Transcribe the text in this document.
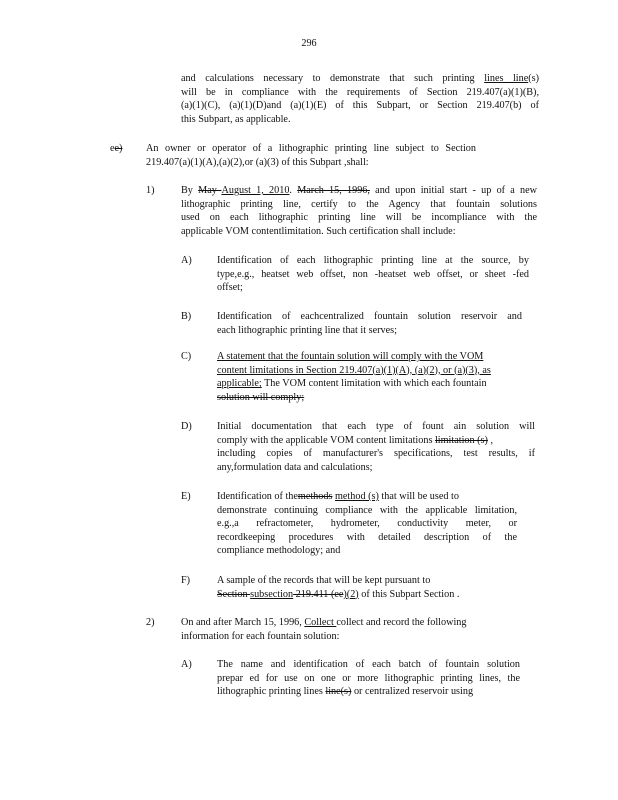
296
and calculations necessary to demonstrate that such printing lines line(s)
will be in compliance with the requirements of Section 219.407(a)(1)(B),
(a)(1)(C), (a)(1)(D)and (a)(1)(E) of this Subpart, or Section 219.407(b) of
this Subpart, as applicable.
ee) An owner or operator of a lithographic printing line subject to Section
219.407(a)(1)(A),(a)(2),or (a)(3) of this Subpart ,shall:
1)	By May August 1, 2010. March 15, 1996, and upon initial start - up of a new
lithographic printing line, certify to the Agency that fountain solutions
used on each lithographic printing line will be incompliance with the
applicable VOM contentlimitation. Such certification shall include:
A) Identification of each lithographic printing line at the source, by
type,e.g., heatset web offset, non -heatset web offset, or sheet -fed
offset;
B)	Identification of eachcentralized fountain solution reservoir and
each lithographic printing line that it serves;
C)	A statement that the fountain solution will comply with the VOM
content limitations in Section 219.407(a)(1)(A), (a)(2), or (a)(3), as
applicable; The VOM content limitation with which each fountain
solution will comply;
D) Initial documentation that each type of fount ain solution will
comply with the applicable VOM content limitations limitation (s) ,
including copies of manufacturer's specifications, test results, if
any,formulation data and calculations;
E)	Identification of themethods method (s) that will be used to
demonstrate continuing compliance with the applicable limitation,
e.g.,a refractometer, hydrometer, conductivity meter, or
recordkeeping procedures with detailed description of the
compliance methodology; and
F)	A sample of the records that will be kept pursuant to
Section subsection 219.411 (ee)(2) of this Subpart Section .
2)	On and after March 15, 1996, Collect collect and record the following
information for each fountain solution:
A) The name and identification of each batch of fountain solution
prepar ed for use on one or more lithographic printing lines, the
lithographic printing lines line(s) or centralized reservoir using
